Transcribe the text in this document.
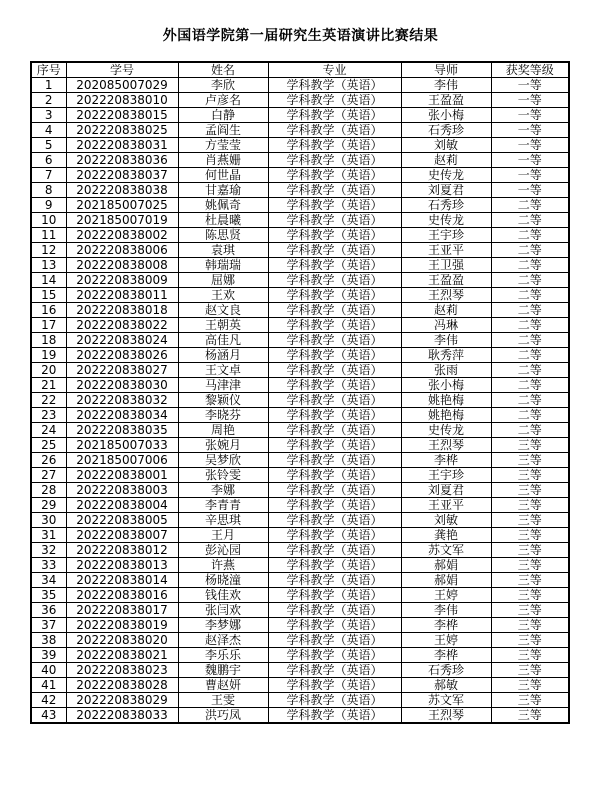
外国语学院第一届研究生英语演讲比赛结果
序号	学号	姓名	专业	导师	获奖等级
1	202085007029	李欣	学科教学（英语）	李伟	一等
2	202220838010	卢彦名	学科教学（英语）	王盈盈	一等
3	202220838015	白静	学科教学（英语）	张小梅	一等
4	202220838025	孟阎生	学科教学（英语）	石秀珍	一等
5	202220838031	方莹莹	学科教学（英语）	刘敏	一等
6	202220838036	肖燕姗	学科教学（英语）	赵莉	一等
7	202220838037	何世晶	学科教学（英语）	史传龙	一等
8	202220838038	甘嘉瑜	学科教学（英语）	刘夏君	一等
9	202185007025	姚佩奇	学科教学（英语）	石秀珍	二等
10	202185007019	杜晨曦	学科教学（英语）	史传龙	二等
11	202220838002	陈思贤	学科教学（英语）	王宇珍	二等
12	202220838006	袁琪	学科教学（英语）	王亚平	二等
13	202220838008	韩瑞瑞	学科教学（英语）	王卫强	二等
14	202220838009	屈娜	学科教学（英语）	王盈盈	二等
15	202220838011	王欢	学科教学（英语）	王烈琴	二等
16	202220838018	赵文良	学科教学（英语）	赵莉	二等
17	202220838022	王朝英	学科教学（英语）	冯琳	二等
18	202220838024	高佳凡	学科教学（英语）	李伟	二等
19	202220838026	杨涵月	学科教学（英语）	耿秀萍	二等
20	202220838027	王文卓	学科教学（英语）	张雨	二等
21	202220838030	马津津	学科教学（英语）	张小梅	二等
22	202220838032	黎颖仪	学科教学（英语）	姚艳梅	二等
23	202220838034	李晓芬	学科教学（英语）	姚艳梅	二等
24	202220838035	周艳	学科教学（英语）	史传龙	二等
25	202185007033	张婉月	学科教学（英语）	王烈琴	三等
26	202185007006	吴梦欣	学科教学（英语）	李桦	三等
27	202220838001	张铃雯	学科教学（英语）	王宇珍	三等
28	202220838003	李娜	学科教学（英语）	刘夏君	三等
29	202220838004	李青青	学科教学（英语）	王亚平	三等
30	202220838005	辛思琪	学科教学（英语）	刘敏	三等
31	202220838007	王月	学科教学（英语）	龚艳	三等
32	202220838012	彭沁园	学科教学（英语）	苏文军	三等
33	202220838013	许燕	学科教学（英语）	郝娟	三等
34	202220838014	杨晓潼	学科教学（英语）	郝娟	三等
35	202220838016	钱佳欢	学科教学（英语）	王婷	三等
36	202220838017	张闫欢	学科教学（英语）	李伟	三等
37	202220838019	李梦娜	学科教学（英语）	李桦	三等
38	202220838020	赵泽杰	学科教学（英语）	王婷	三等
39	202220838021	李乐乐	学科教学（英语）	李桦	三等
40	202220838023	魏鹏宇	学科教学（英语）	石秀珍	三等
41	202220838028	曹赵妍	学科教学（英语）	郝敏	三等
42	202220838029	王雯	学科教学（英语）	苏文军	三等
43	202220838033	洪巧凤	学科教学（英语）	王烈琴	三等
